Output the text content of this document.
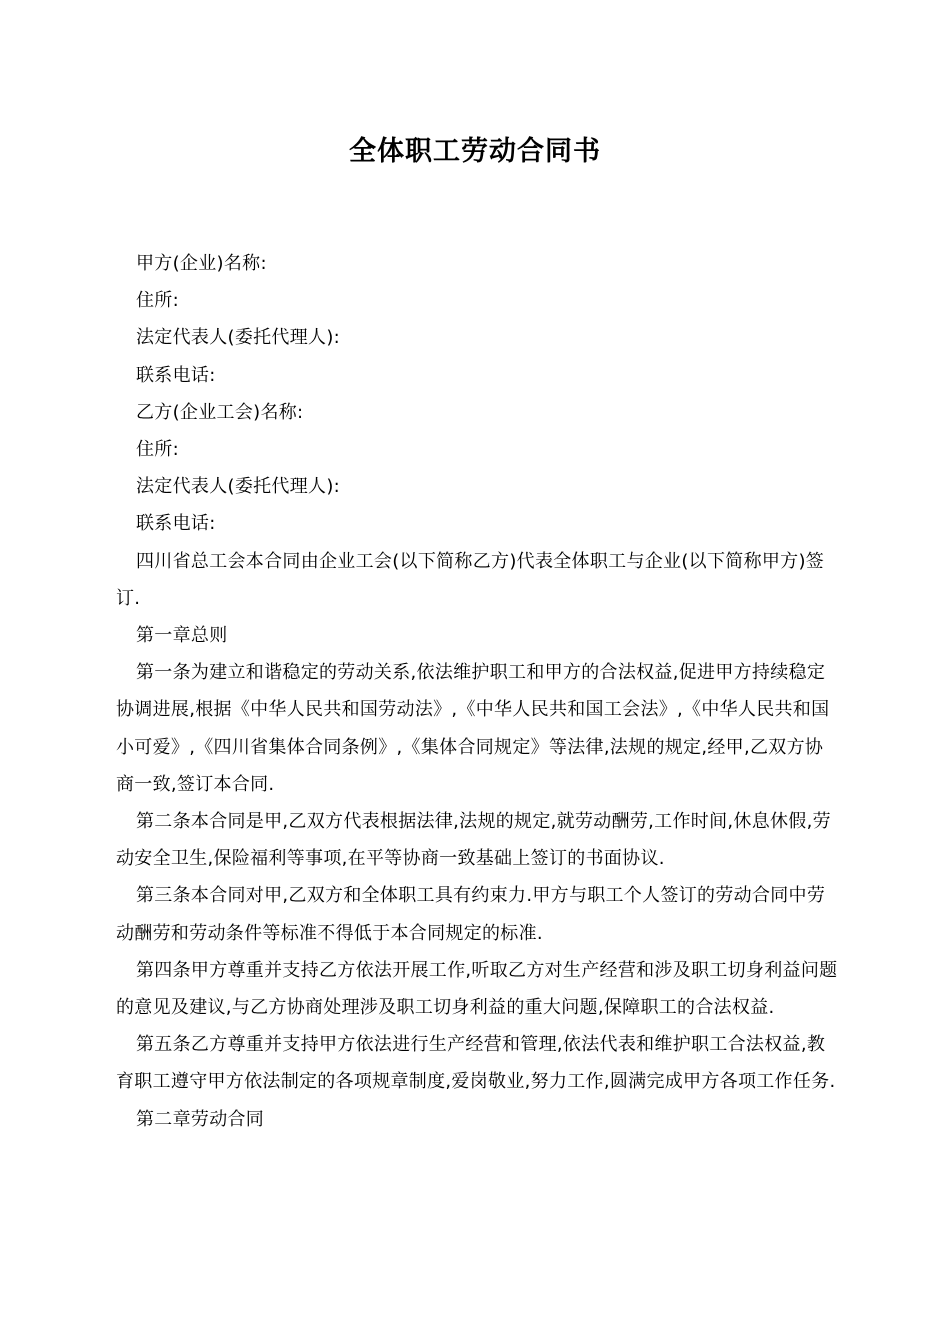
全体职工劳动合同书

甲方(企业)名称:

住所:

法定代表人(委托代理人):

联系电话:

乙方(企业工会)名称:

住所:

法定代表人(委托代理人):

联系电话:

四川省总工会本合同由企业工会(以下简称乙方)代表全体职工与企业(以下简称甲方)签订.

第一章总则

第一条为建立和谐稳定的劳动关系,依法维护职工和甲方的合法权益,促进甲方持续稳定协调进展,根据《中华人民共和国劳动法》,《中华人民共和国工会法》,《中华人民共和国小可爱》,《四川省集体合同条例》,《集体合同规定》等法律,法规的规定,经甲,乙双方协商一致,签订本合同.

第二条本合同是甲,乙双方代表根据法律,法规的规定,就劳动酬劳,工作时间,休息休假,劳动安全卫生,保险福利等事项,在平等协商一致基础上签订的书面协议.

第三条本合同对甲,乙双方和全体职工具有约束力.甲方与职工个人签订的劳动合同中劳动酬劳和劳动条件等标准不得低于本合同规定的标准.

第四条甲方尊重并支持乙方依法开展工作,听取乙方对生产经营和涉及职工切身利益问题的意见及建议,与乙方协商处理涉及职工切身利益的重大问题,保障职工的合法权益.

第五条乙方尊重并支持甲方依法进行生产经营和管理,依法代表和维护职工合法权益,教育职工遵守甲方依法制定的各项规章制度,爱岗敬业,努力工作,圆满完成甲方各项工作任务.

第二章劳动合同
